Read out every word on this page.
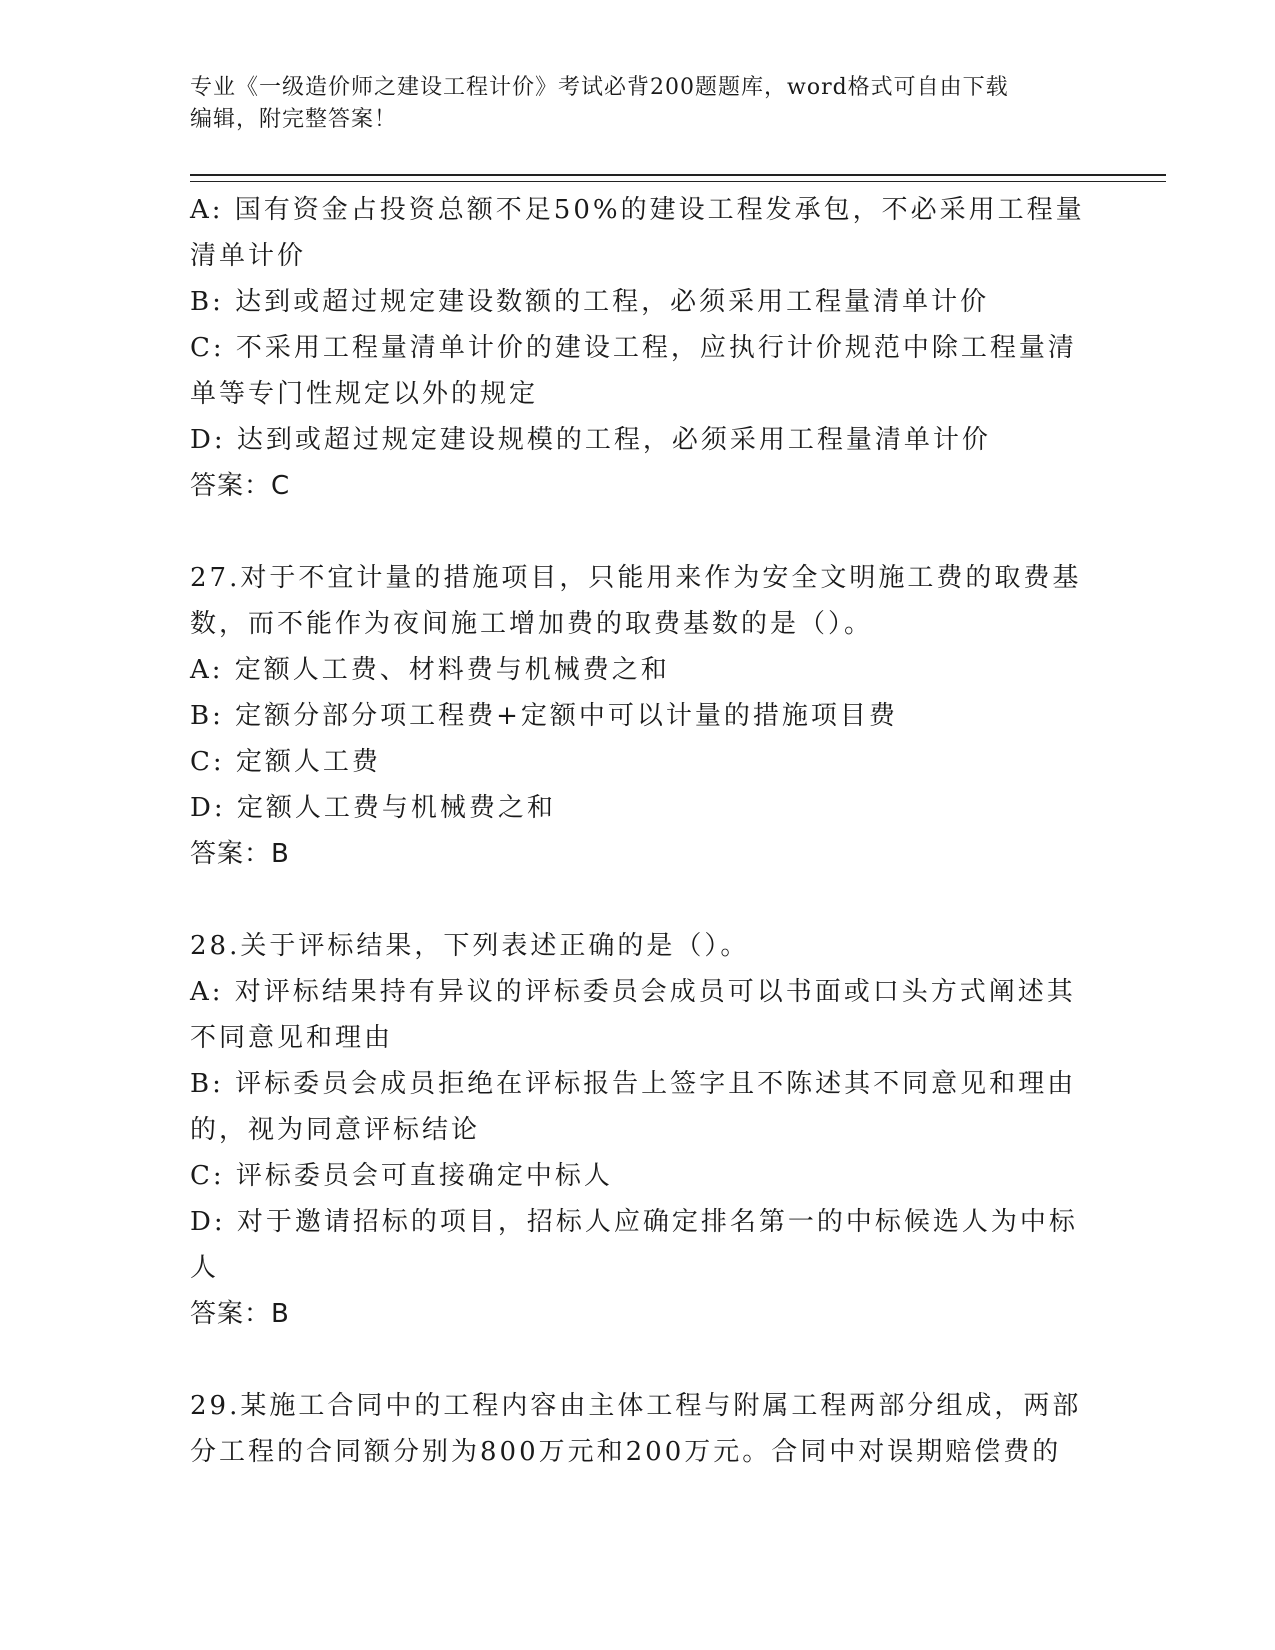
专业《一级造价师之建设工程计价》考试必背200题题库，word格式可自由下载
编辑，附完整答案！
A: 国有资金占投资总额不足50%的建设工程发承包，不必采用工程量
清单计价
B: 达到或超过规定建设数额的工程，必须采用工程量清单计价
C: 不采用工程量清单计价的建设工程，应执行计价规范中除工程量清
单等专门性规定以外的规定
D: 达到或超过规定建设规模的工程，必须采用工程量清单计价
答案：C
27.对于不宜计量的措施项目，只能用来作为安全文明施工费的取费基
数，而不能作为夜间施工增加费的取费基数的是（）。
A: 定额人工费、材料费与机械费之和
B: 定额分部分项工程费+定额中可以计量的措施项目费
C: 定额人工费
D: 定额人工费与机械费之和
答案：B
28.关于评标结果，下列表述正确的是（）。
A: 对评标结果持有异议的评标委员会成员可以书面或口头方式阐述其
不同意见和理由
B: 评标委员会成员拒绝在评标报告上签字且不陈述其不同意见和理由
的，视为同意评标结论
C: 评标委员会可直接确定中标人
D: 对于邀请招标的项目，招标人应确定排名第一的中标候选人为中标
人
答案：B
29.某施工合同中的工程内容由主体工程与附属工程两部分组成，两部
分工程的合同额分别为800万元和200万元。合同中对误期赔偿费的
